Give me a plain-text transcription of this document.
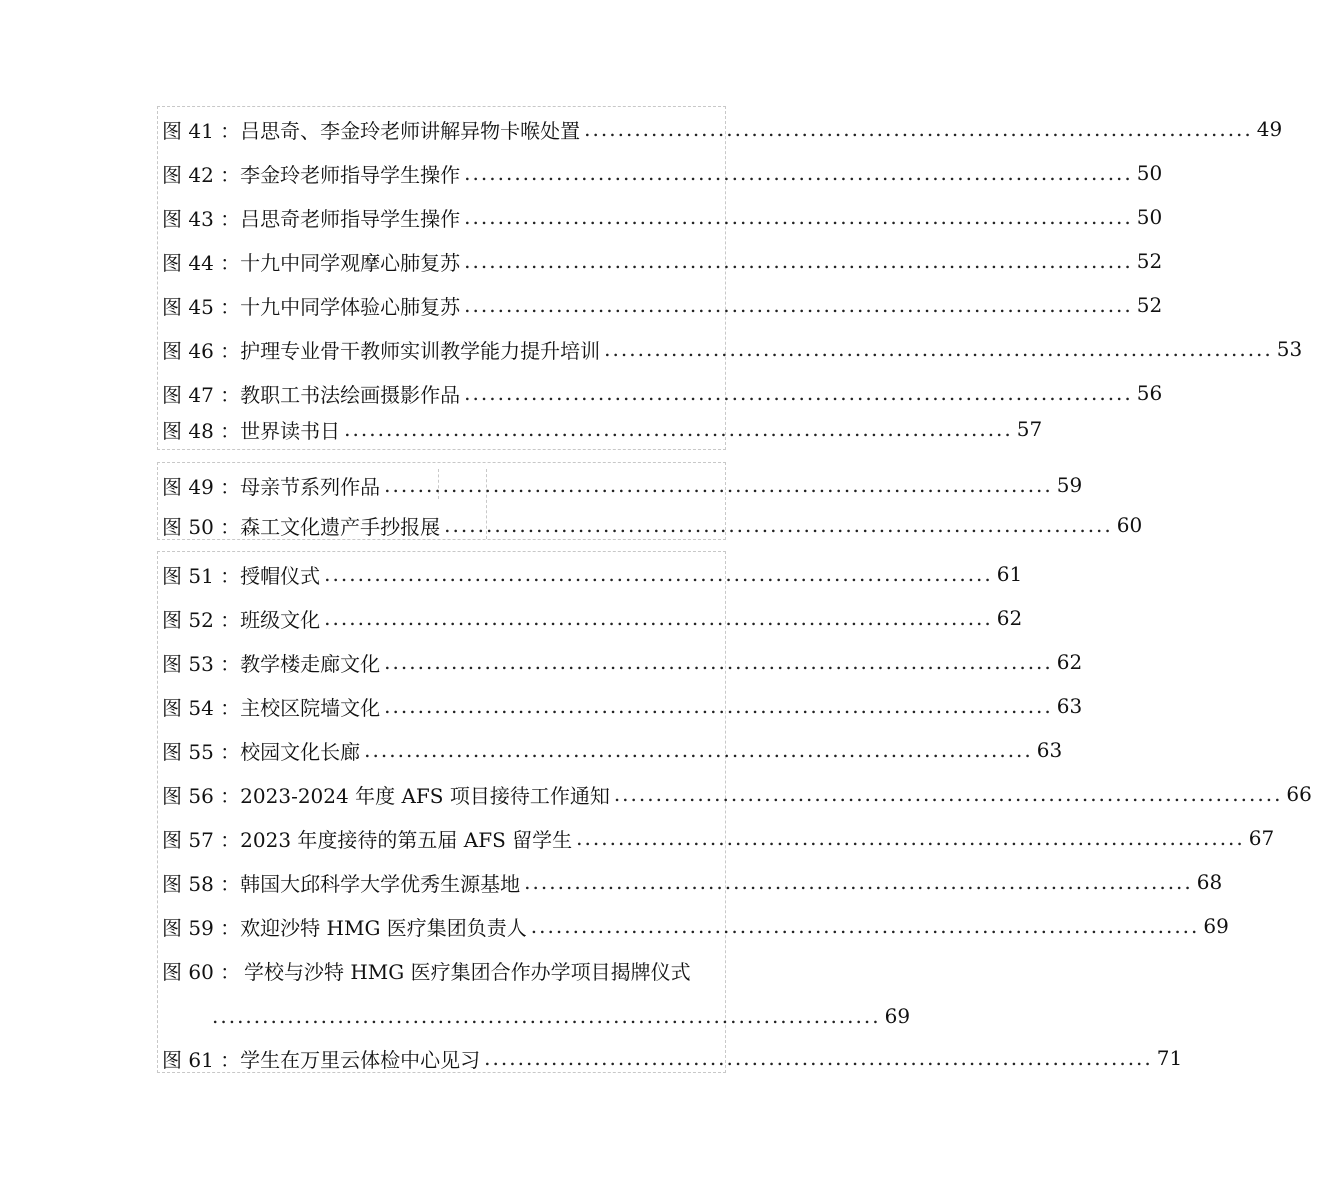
图 41 ： 吕思奇、李金玲老师讲解异物卡喉处置 ................................................................................ 49
图 42 ： 李金玲老师指导学生操作 ................................................................................ 50
图 43 ： 吕思奇老师指导学生操作 ................................................................................ 50
图 44 ： 十九中同学观摩心肺复苏 ................................................................................ 52
图 45 ： 十九中同学体验心肺复苏 ................................................................................ 52
图 46 ： 护理专业骨干教师实训教学能力提升培训 ................................................................................ 53
图 47 ： 教职工书法绘画摄影作品 ................................................................................ 56
图 48 ： 世界读书日 ................................................................................ 57
图 49 ： 母亲节系列作品 ................................................................................ 59
图 50 ： 森工文化遗产手抄报展 ................................................................................ 60
图 51 ： 授帽仪式 ................................................................................ 61
图 52 ： 班级文化 ................................................................................ 62
图 53 ： 教学楼走廊文化 ................................................................................ 62
图 54 ： 主校区院墙文化 ................................................................................ 63
图 55 ： 校园文化长廊 ................................................................................ 63
图 56 ： 2023-2024 年度 AFS 项目接待工作通知 ................................................................................ 66
图 57 ： 2023 年度接待的第五届 AFS 留学生 ................................................................................ 67
图 58 ： 韩国大邱科学大学优秀生源基地 ................................................................................ 68
图 59 ： 欢迎沙特 HMG 医疗集团负责人 ................................................................................ 69
图 60 ： 学校与沙特 HMG 医疗集团合作办学项目揭牌仪式
................................................................................ 69
图 61 ： 学生在万里云体检中心见习 ................................................................................ 71
